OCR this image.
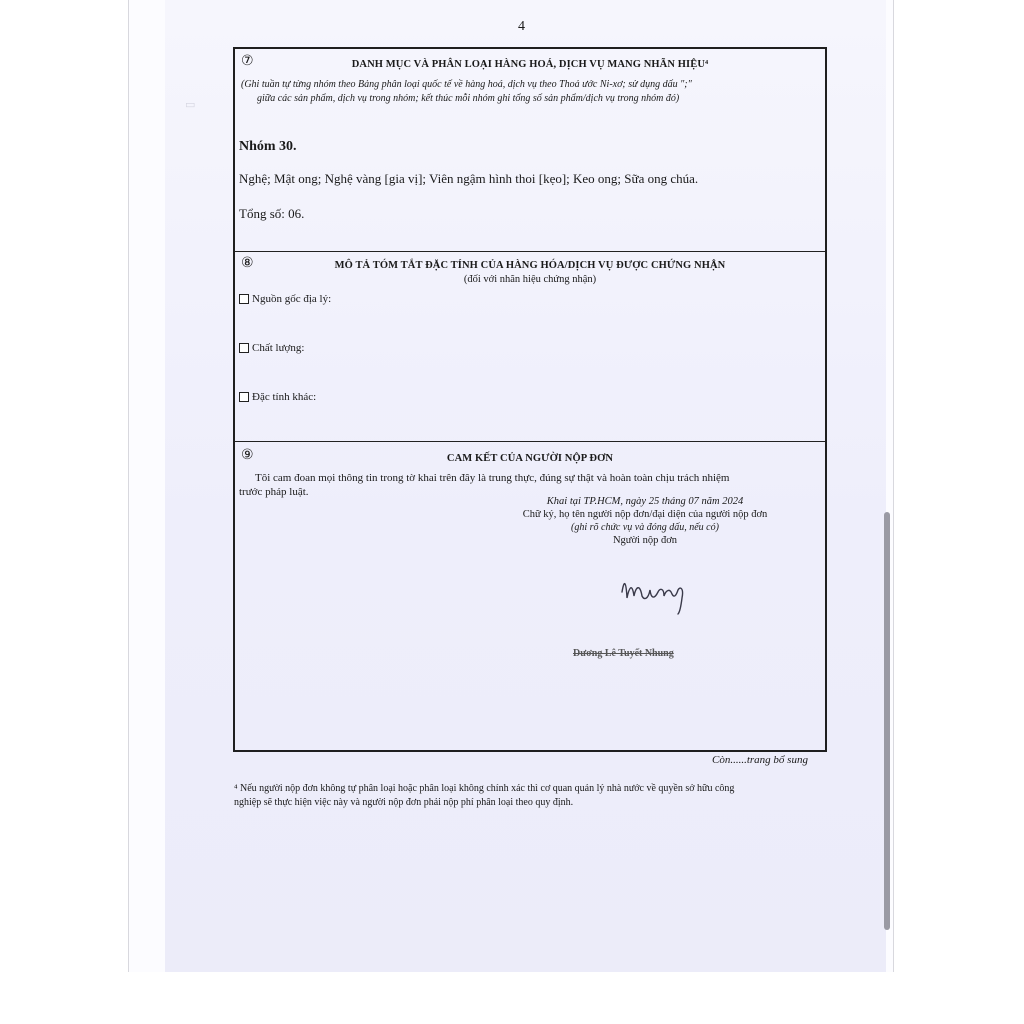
▭
4
⑦	DANH MỤC VÀ PHÂN LOẠI HÀNG HOÁ, DỊCH VỤ MANG NHÃN HIỆU⁴
(Ghi tuần tự từng nhóm theo Bảng phân loại quốc tế về hàng hoá, dịch vụ theo Thoả ước Ni-xơ; sử dụng dấu ";"
giữa các sản phẩm, dịch vụ trong nhóm; kết thúc mỗi nhóm ghi tổng số sản phẩm/dịch vụ trong nhóm đó)
Nhóm 30.
Nghệ; Mật ong; Nghệ vàng [gia vị]; Viên ngậm hình thoi [kẹo]; Keo ong; Sữa ong chúa.
Tổng số: 06.
⑧	MÔ TẢ TÓM TẮT ĐẶC TÍNH CỦA HÀNG HÓA/DỊCH VỤ ĐƯỢC CHỨNG NHẬN
(đối với nhãn hiệu chứng nhận)
Nguồn gốc địa lý:
Chất lượng:
Đặc tính khác:
⑨	CAM KẾT CỦA NGƯỜI NỘP ĐƠN
Tôi cam đoan mọi thông tin trong tờ khai trên đây là trung thực, đúng sự thật và hoàn toàn chịu trách nhiệm
trước pháp luật.
Khai tại TP.HCM, ngày 25 tháng 07 năm 2024
Chữ ký, họ tên người nộp đơn/đại diện của người nộp đơn
(ghi rõ chức vụ và đóng dấu, nếu có)
Người nộp đơn
Dương Lê Tuyết Nhung
Còn......trang bổ sung
⁴ Nếu người nộp đơn không tự phân loại hoặc phân loại không chính xác thì cơ quan quản lý nhà nước về quyền sở hữu công
nghiệp sẽ thực hiện việc này và người nộp đơn phải nộp phí phân loại theo quy định.
